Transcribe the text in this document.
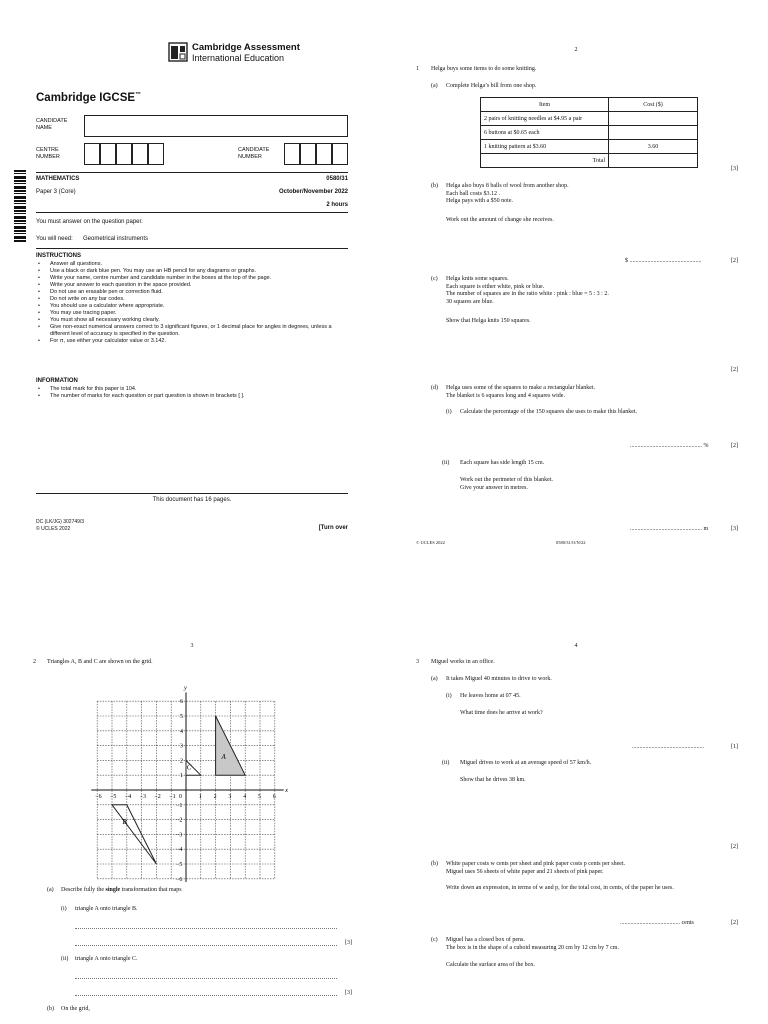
Cambridge Assessment
International Education
Cambridge IGCSE™
CANDIDATE
NAME
CENTRE
NUMBER
CANDIDATE
NUMBER
MATHEMATICS	0580/31
Paper 3 (Core)	October/November 2022
2 hours
You must answer on the question paper.
You will need: Geometrical instruments
INSTRUCTIONS
• Answer all questions.
• Use a black or dark blue pen. You may use an HB pencil for any diagrams or graphs.
• Write your name, centre number and candidate number in the boxes at the top of the page.
• Write your answer to each question in the space provided.
• Do not use an erasable pen or correction fluid.
• Do not write on any bar codes.
• You should use a calculator where appropriate.
• You may use tracing paper.
• You must show all necessary working clearly.
• Give non-exact numerical answers correct to 3 significant figures, or 1 decimal place for angles in degrees, unless a different level of accuracy is specified in the question.
• For π, use either your calculator value or 3.142.
INFORMATION
• The total mark for this paper is 104.
• The number of marks for each question or part question is shown in brackets [ ].
This document has 16 pages.
DC (LK/JG) 302749/3
© UCLES 2022	[Turn over
2
1 Helga buys some items to do some knitting.
(a) Complete Helga’s bill from one shop.
Item	Cost ($)
2 pairs of knitting needles at $4.95 a pair	
6 buttons at $0.65 each	
1 knitting pattern at $3.60	3.60
Total	
[3]
(b) Helga also buys 8 balls of wool from another shop.
Each ball costs $3.12 .
Helga pays with a $50 note.
Work out the amount of change she receives.
$ ................................................	[2]
(c) Helga knits some squares.
Each square is either white, pink or blue.
The number of squares are in the ratio white : pink : blue = 5 : 3 : 2.
30 squares are blue.
Show that Helga knits 150 squares.
[2]
(d) Helga uses some of the squares to make a rectangular blanket.
The blanket is 6 squares long and 4 squares wide.
(i) Calculate the percentage of the 150 squares she uses to make this blanket.
................................................ %	[2]
(ii) Each square has side length 15 cm.
Work out the perimeter of this blanket.
Give your answer in metres.
................................................ m	[3]
© UCLES 2022	0580/31/O/N/22
3
2 Triangles A, B and C are shown on the grid.
−6 −5 −4 −3 −2 −1 0	1 2 3 4 5 6
6
5
4
3
2
1
−1
−2
−3
−4
−5
−6
A
B
C
x
y
(a) Describe fully the single transformation that maps
(i) triangle A onto triangle B.
[3]
(ii) triangle A onto triangle C.
[3]
(b) On the grid,
4
3 Miguel works in an office.
(a) It takes Miguel 40 minutes to drive to work.
(i) He leaves home at 07 45.
What time does he arrive at work?
................................................	[1]
(ii) Miguel drives to work at an average speed of 57 km/h.
Show that he drives 38 km.
[2]
(b) White paper costs w cents per sheet and pink paper costs p cents per sheet.
Miguel uses 56 sheets of white paper and 21 sheets of pink paper.
Write down an expression, in terms of w and p, for the total cost, in cents, of the paper he uses.
........................................ cents	[2]
(c) Miguel has a closed box of pens.
The box is in the shape of a cuboid measuring 20 cm by 12 cm by 7 cm.
Calculate the surface area of the box.
